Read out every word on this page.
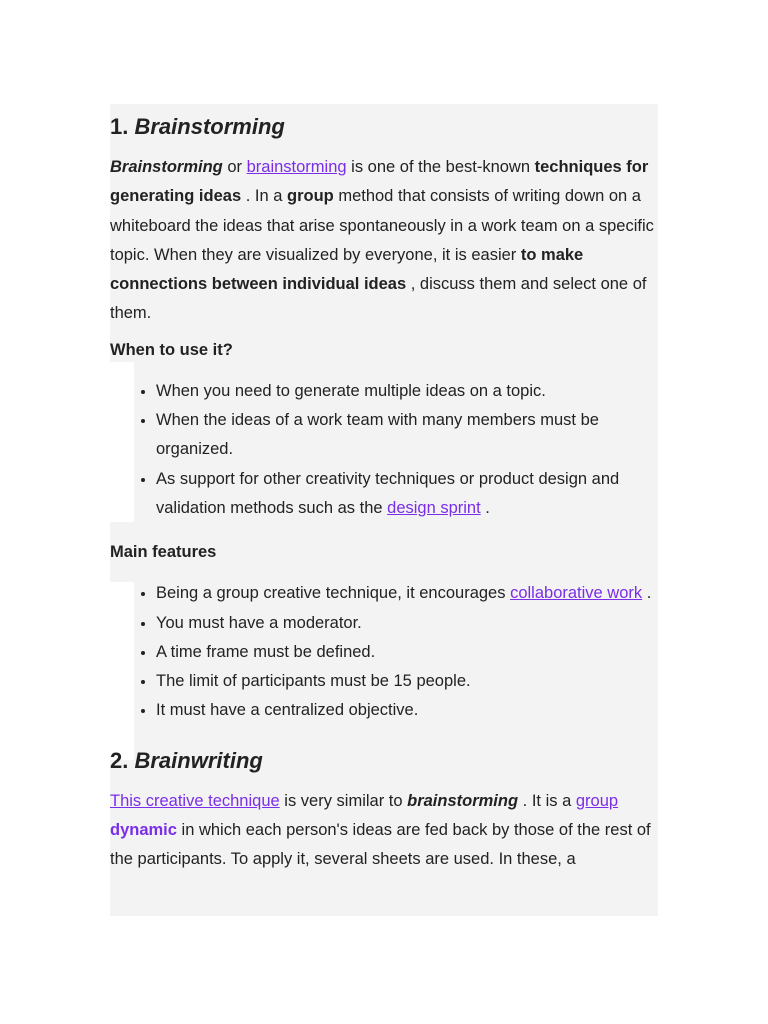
1. Brainstorming

Brainstorming or brainstorming is one of the best-known techniques for generating ideas . In a group method that consists of writing down on a whiteboard the ideas that arise spontaneously in a work team on a specific topic. When they are visualized by everyone, it is easier to make connections between individual ideas , discuss them and select one of them.

When to use it?

• When you need to generate multiple ideas on a topic.
• When the ideas of a work team with many members must be organized.
• As support for other creativity techniques or product design and validation methods such as the design sprint .

Main features

• Being a group creative technique, it encourages collaborative work .
• You must have a moderator.
• A time frame must be defined.
• The limit of participants must be 15 people.
• It must have a centralized objective.
2. Brainwriting

This creative technique is very similar to brainstorming . It is a group
dynamic in which each person's ideas are fed back by those of the rest of the participants. To apply it, several sheets are used. In these, a
